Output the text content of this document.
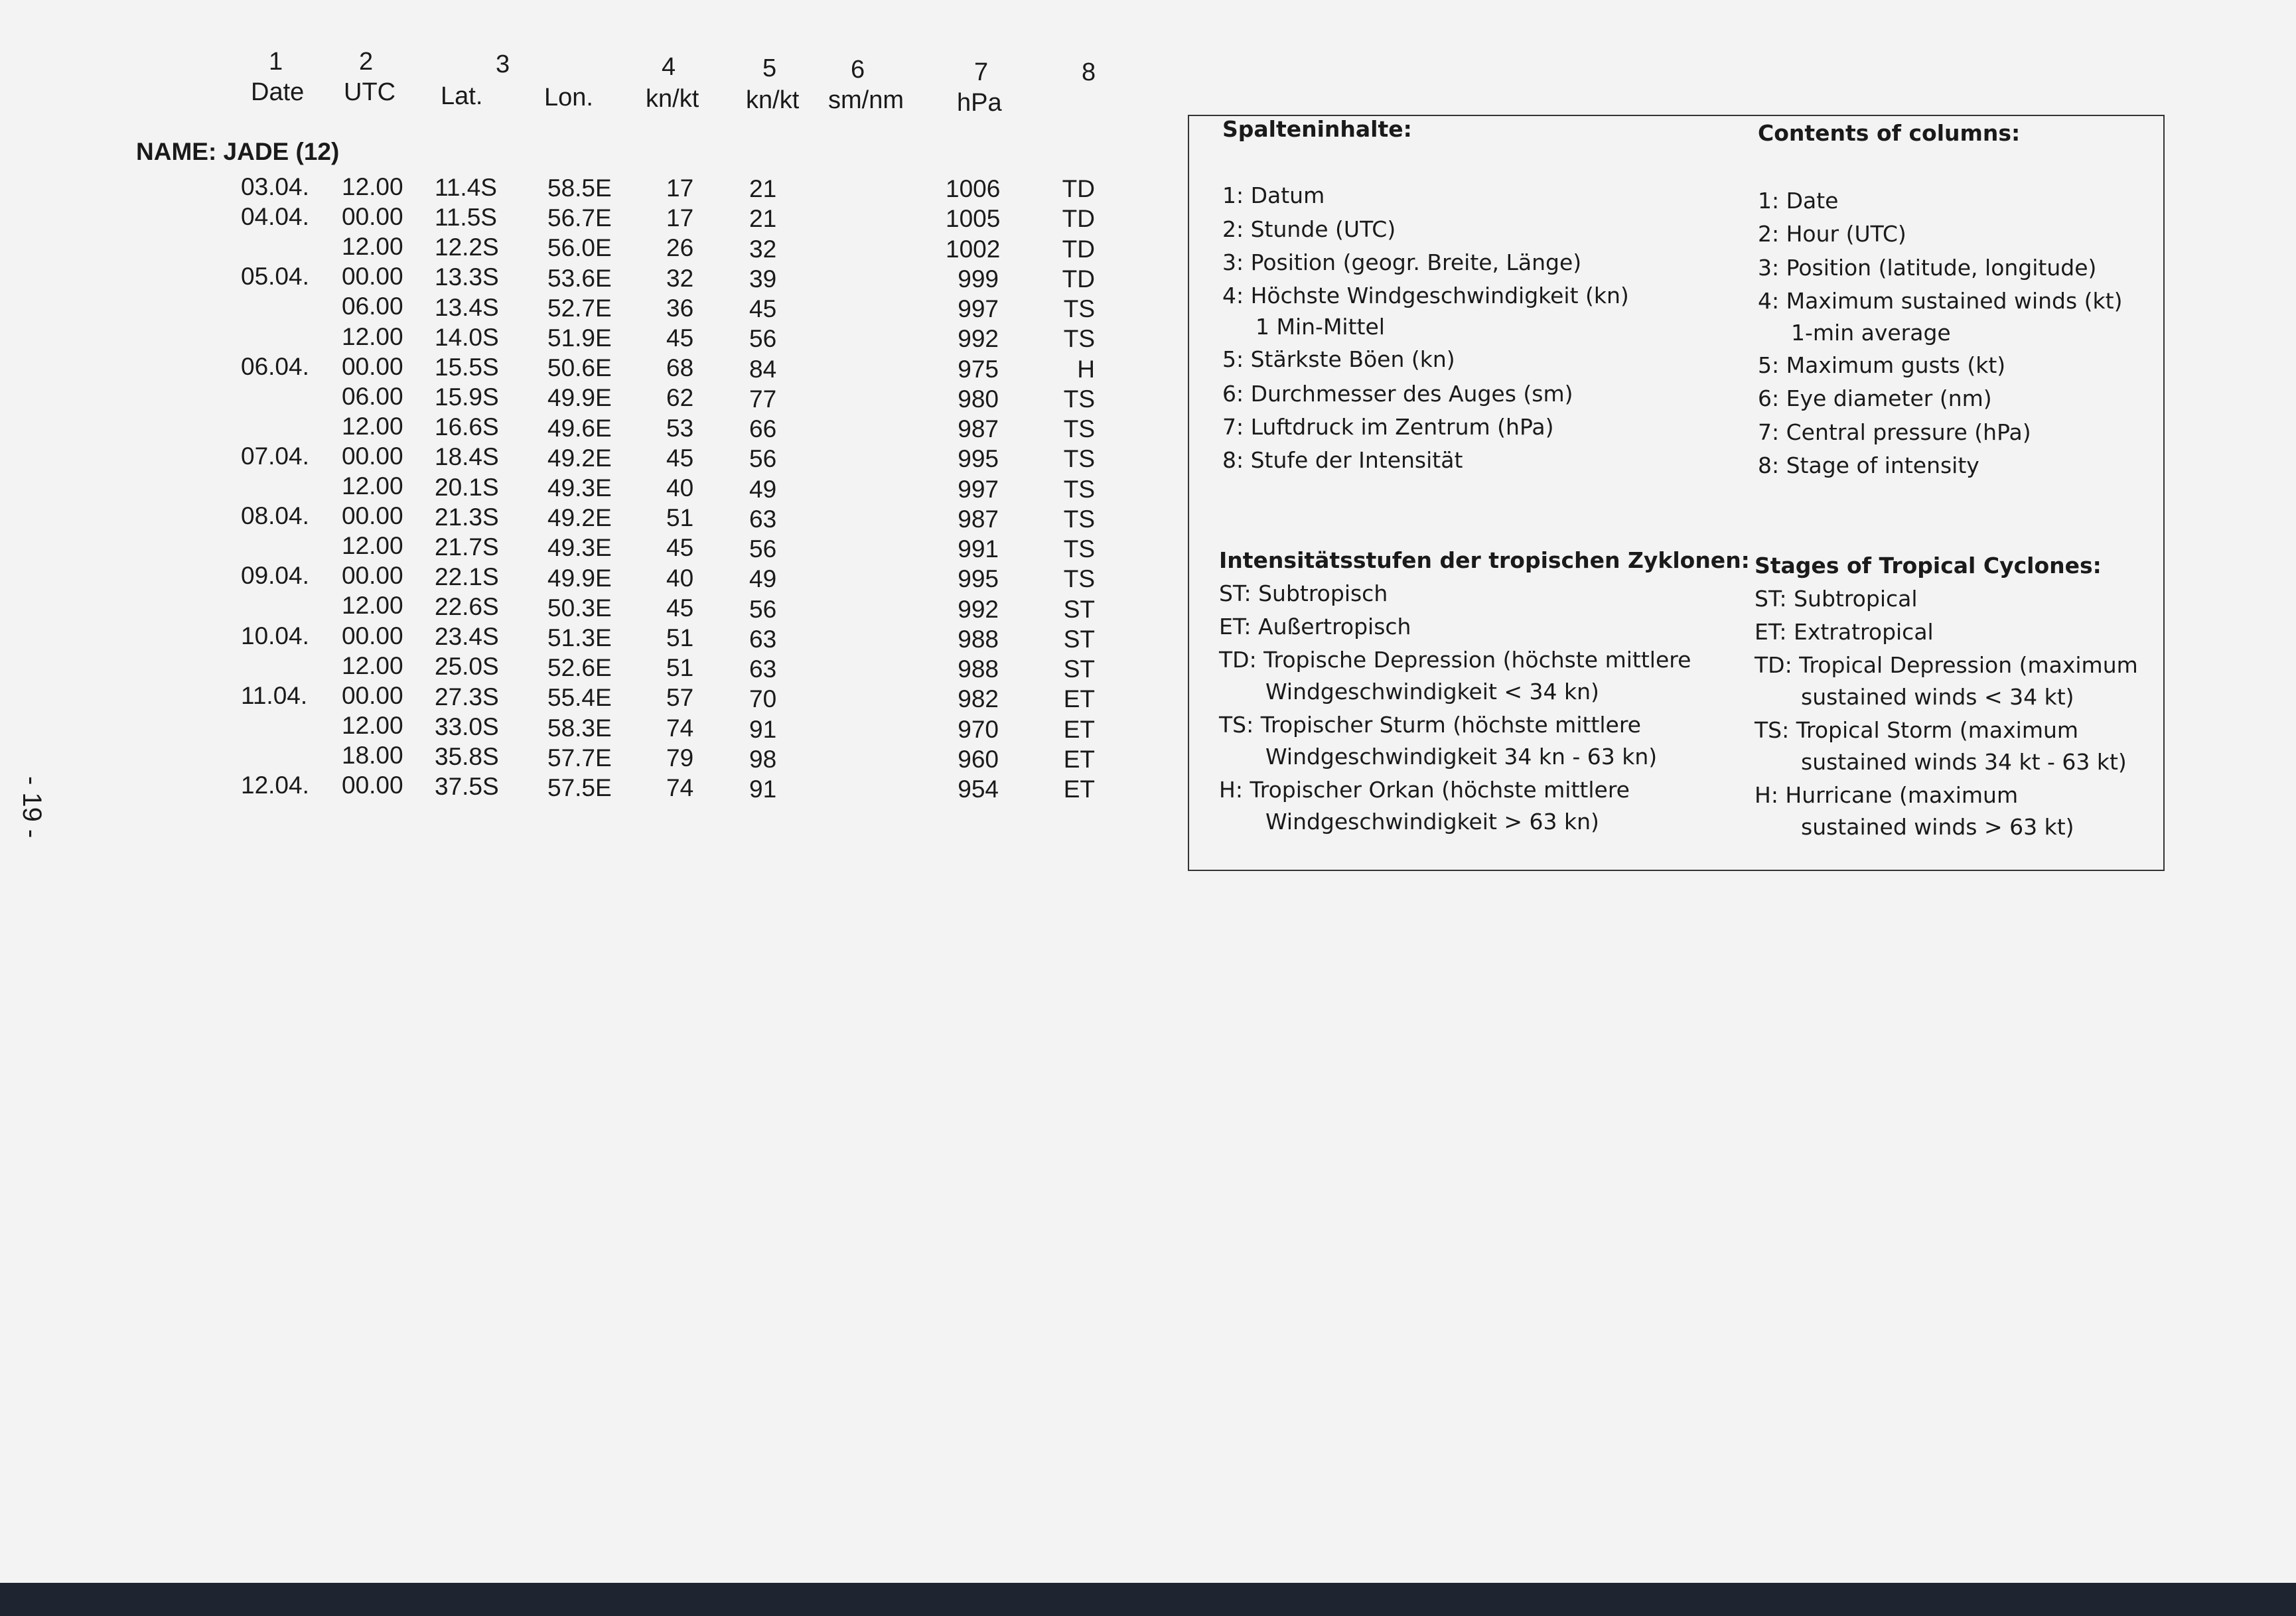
- 19 -
1	2	3	4	5	6	7	8
Date UTC Lat. Lon. kn/kt kn/kt sm/nm hPa
NAME: JADE (12)
03.04. 12.00 11.4S 58.5E 17 21	1006	TD
04.04. 00.00 11.5S 56.7E 17 21	1005	TD
12.00 12.2S 56.0E 26 32	1002	TD
05.04. 00.00 13.3S 53.6E 32 39	999	TD
06.00 13.4S 52.7E 36 45	997	TS
12.00 14.0S 51.9E 45 56	992	TS
06.04. 00.00 15.5S 50.6E 68 84	975	H
06.00 15.9S 49.9E 62 77	980	TS
12.00 16.6S 49.6E 53 66	987	TS
07.04. 00.00 18.4S 49.2E 45 56	995	TS
12.00 20.1S 49.3E 40 49	997	TS
08.04. 00.00 21.3S 49.2E 51 63	987	TS
12.00 21.7S 49.3E 45 56	991	TS
09.04. 00.00 22.1S 49.9E 40 49	995	TS
12.00 22.6S 50.3E 45 56	992	ST
10.04. 00.00 23.4S 51.3E 51 63	988	ST
12.00 25.0S 52.6E 51 63	988	ST
11.04. 00.00 27.3S 55.4E 57 70	982	ET
12.00 33.0S 58.3E 74 91	970	ET
18.00 35.8S 57.7E 79 98	960	ET
12.04. 00.00 37.5S 57.5E 74 91	954	ET
Spalteninhalte:	Contents of columns:
1: Datum
2: Stunde (UTC)
3: Position (geogr. Breite, Länge)
4: Höchste Windgeschwindigkeit (kn)
1 Min-Mittel
5: Stärkste Böen (kn)
6: Durchmesser des Auges (sm)
7: Luftdruck im Zentrum (hPa)
8: Stufe der Intensität
1: Date
2: Hour (UTC)
3: Position (latitude, longitude)
4: Maximum sustained winds (kt)
1-min average
5: Maximum gusts (kt)
6: Eye diameter (nm)
7: Central pressure (hPa)
8: Stage of intensity
Intensitätsstufen der tropischen Zyklonen: Stages of Tropical Cyclones:
ST: Subtropisch
ET: Außertropisch
TD: Tropische Depression (höchste mittlere
Windgeschwindigkeit < 34 kn)
TS: Tropischer Sturm (höchste mittlere
Windgeschwindigkeit 34 kn - 63 kn)
H: Tropischer Orkan (höchste mittlere
Windgeschwindigkeit > 63 kn)
ST: Subtropical
ET: Extratropical
TD: Tropical Depression (maximum
sustained winds < 34 kt)
TS: Tropical Storm (maximum
sustained winds 34 kt - 63 kt)
H: Hurricane (maximum
sustained winds > 63 kt)
